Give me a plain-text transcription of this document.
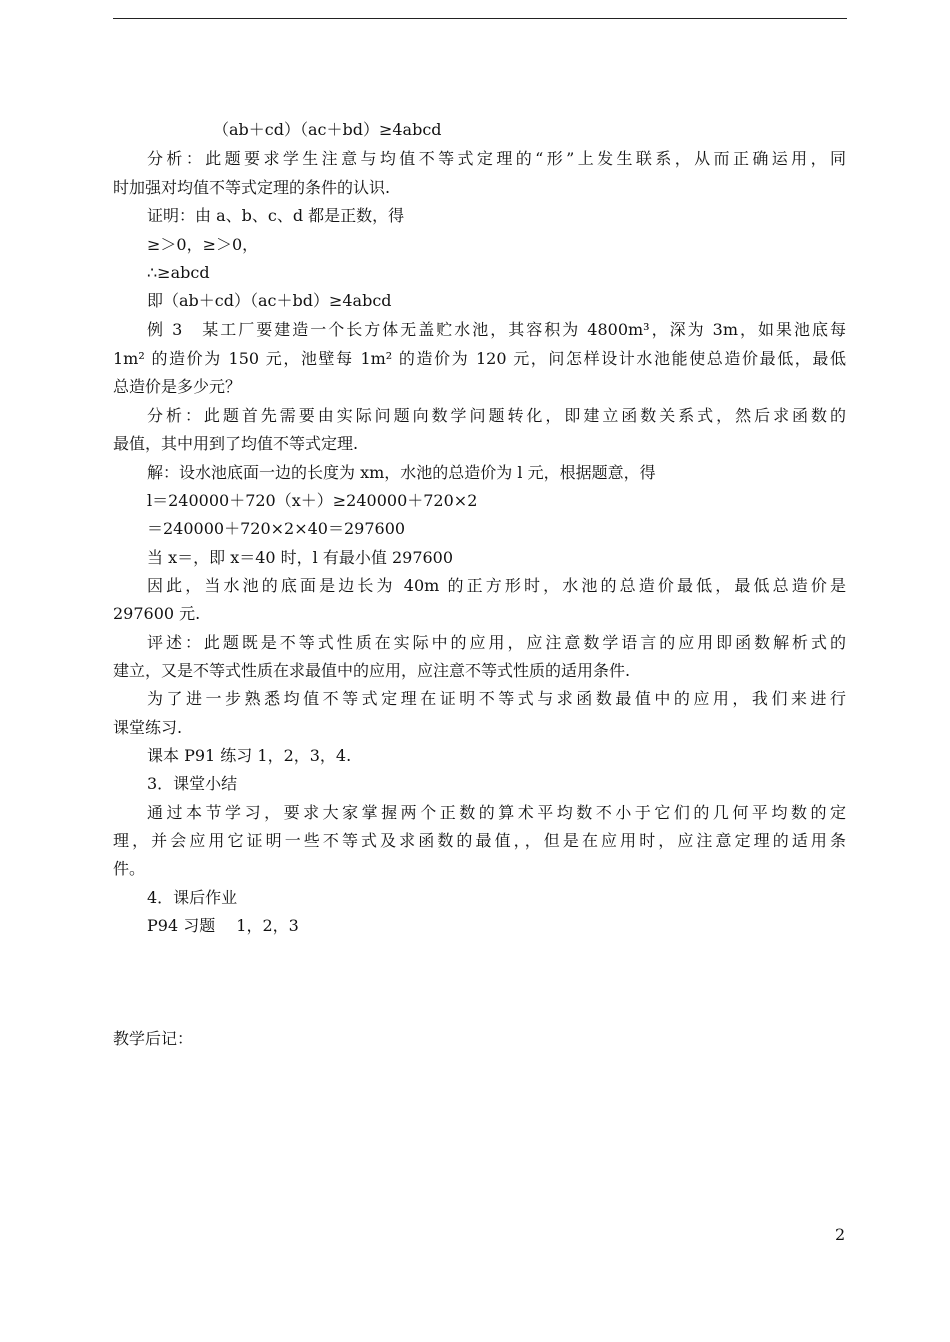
（ab＋cd）（ac＋bd）≥4abcd
分析：此题要求学生注意与均值不等式定理的“形”上发生联系，从而正确运用，同
时加强对均值不等式定理的条件的认识.
证明：由 a、b、c、d 都是正数，得
≥＞0，≥＞0，
∴≥abcd
即（ab＋cd）（ac＋bd）≥4abcd
例 3　某工厂要建造一个长方体无盖贮水池，其容积为 4800m³，深为 3m，如果池底每
1m² 的造价为 150 元，池壁每 1m² 的造价为 120 元，问怎样设计水池能使总造价最低，最低
总造价是多少元？
分析：此题首先需要由实际问题向数学问题转化，即建立函数关系式，然后求函数的
最值，其中用到了均值不等式定理.
解：设水池底面一边的长度为 xm，水池的总造价为 l 元，根据题意，得
l＝240000＋720（x＋）≥240000＋720×2
＝240000＋720×2×40＝297600
当 x＝，即 x＝40 时，l 有最小值 297600
因此，当水池的底面是边长为 40m 的正方形时，水池的总造价最低，最低总造价是
297600 元.
评述：此题既是不等式性质在实际中的应用，应注意数学语言的应用即函数解析式的
建立，又是不等式性质在求最值中的应用，应注意不等式性质的适用条件.
为了进一步熟悉均值不等式定理在证明不等式与求函数最值中的应用，我们来进行
课堂练习.
课本 P91 练习 1，2，3，4.
3．课堂小结
通过本节学习，要求大家掌握两个正数的算术平均数不小于它们的几何平均数的定
理，并会应用它证明一些不等式及求函数的最值，，但是在应用时，应注意定理的适用条
件。
4．课后作业
P94 习题　 1，2，3
教学后记：
2
